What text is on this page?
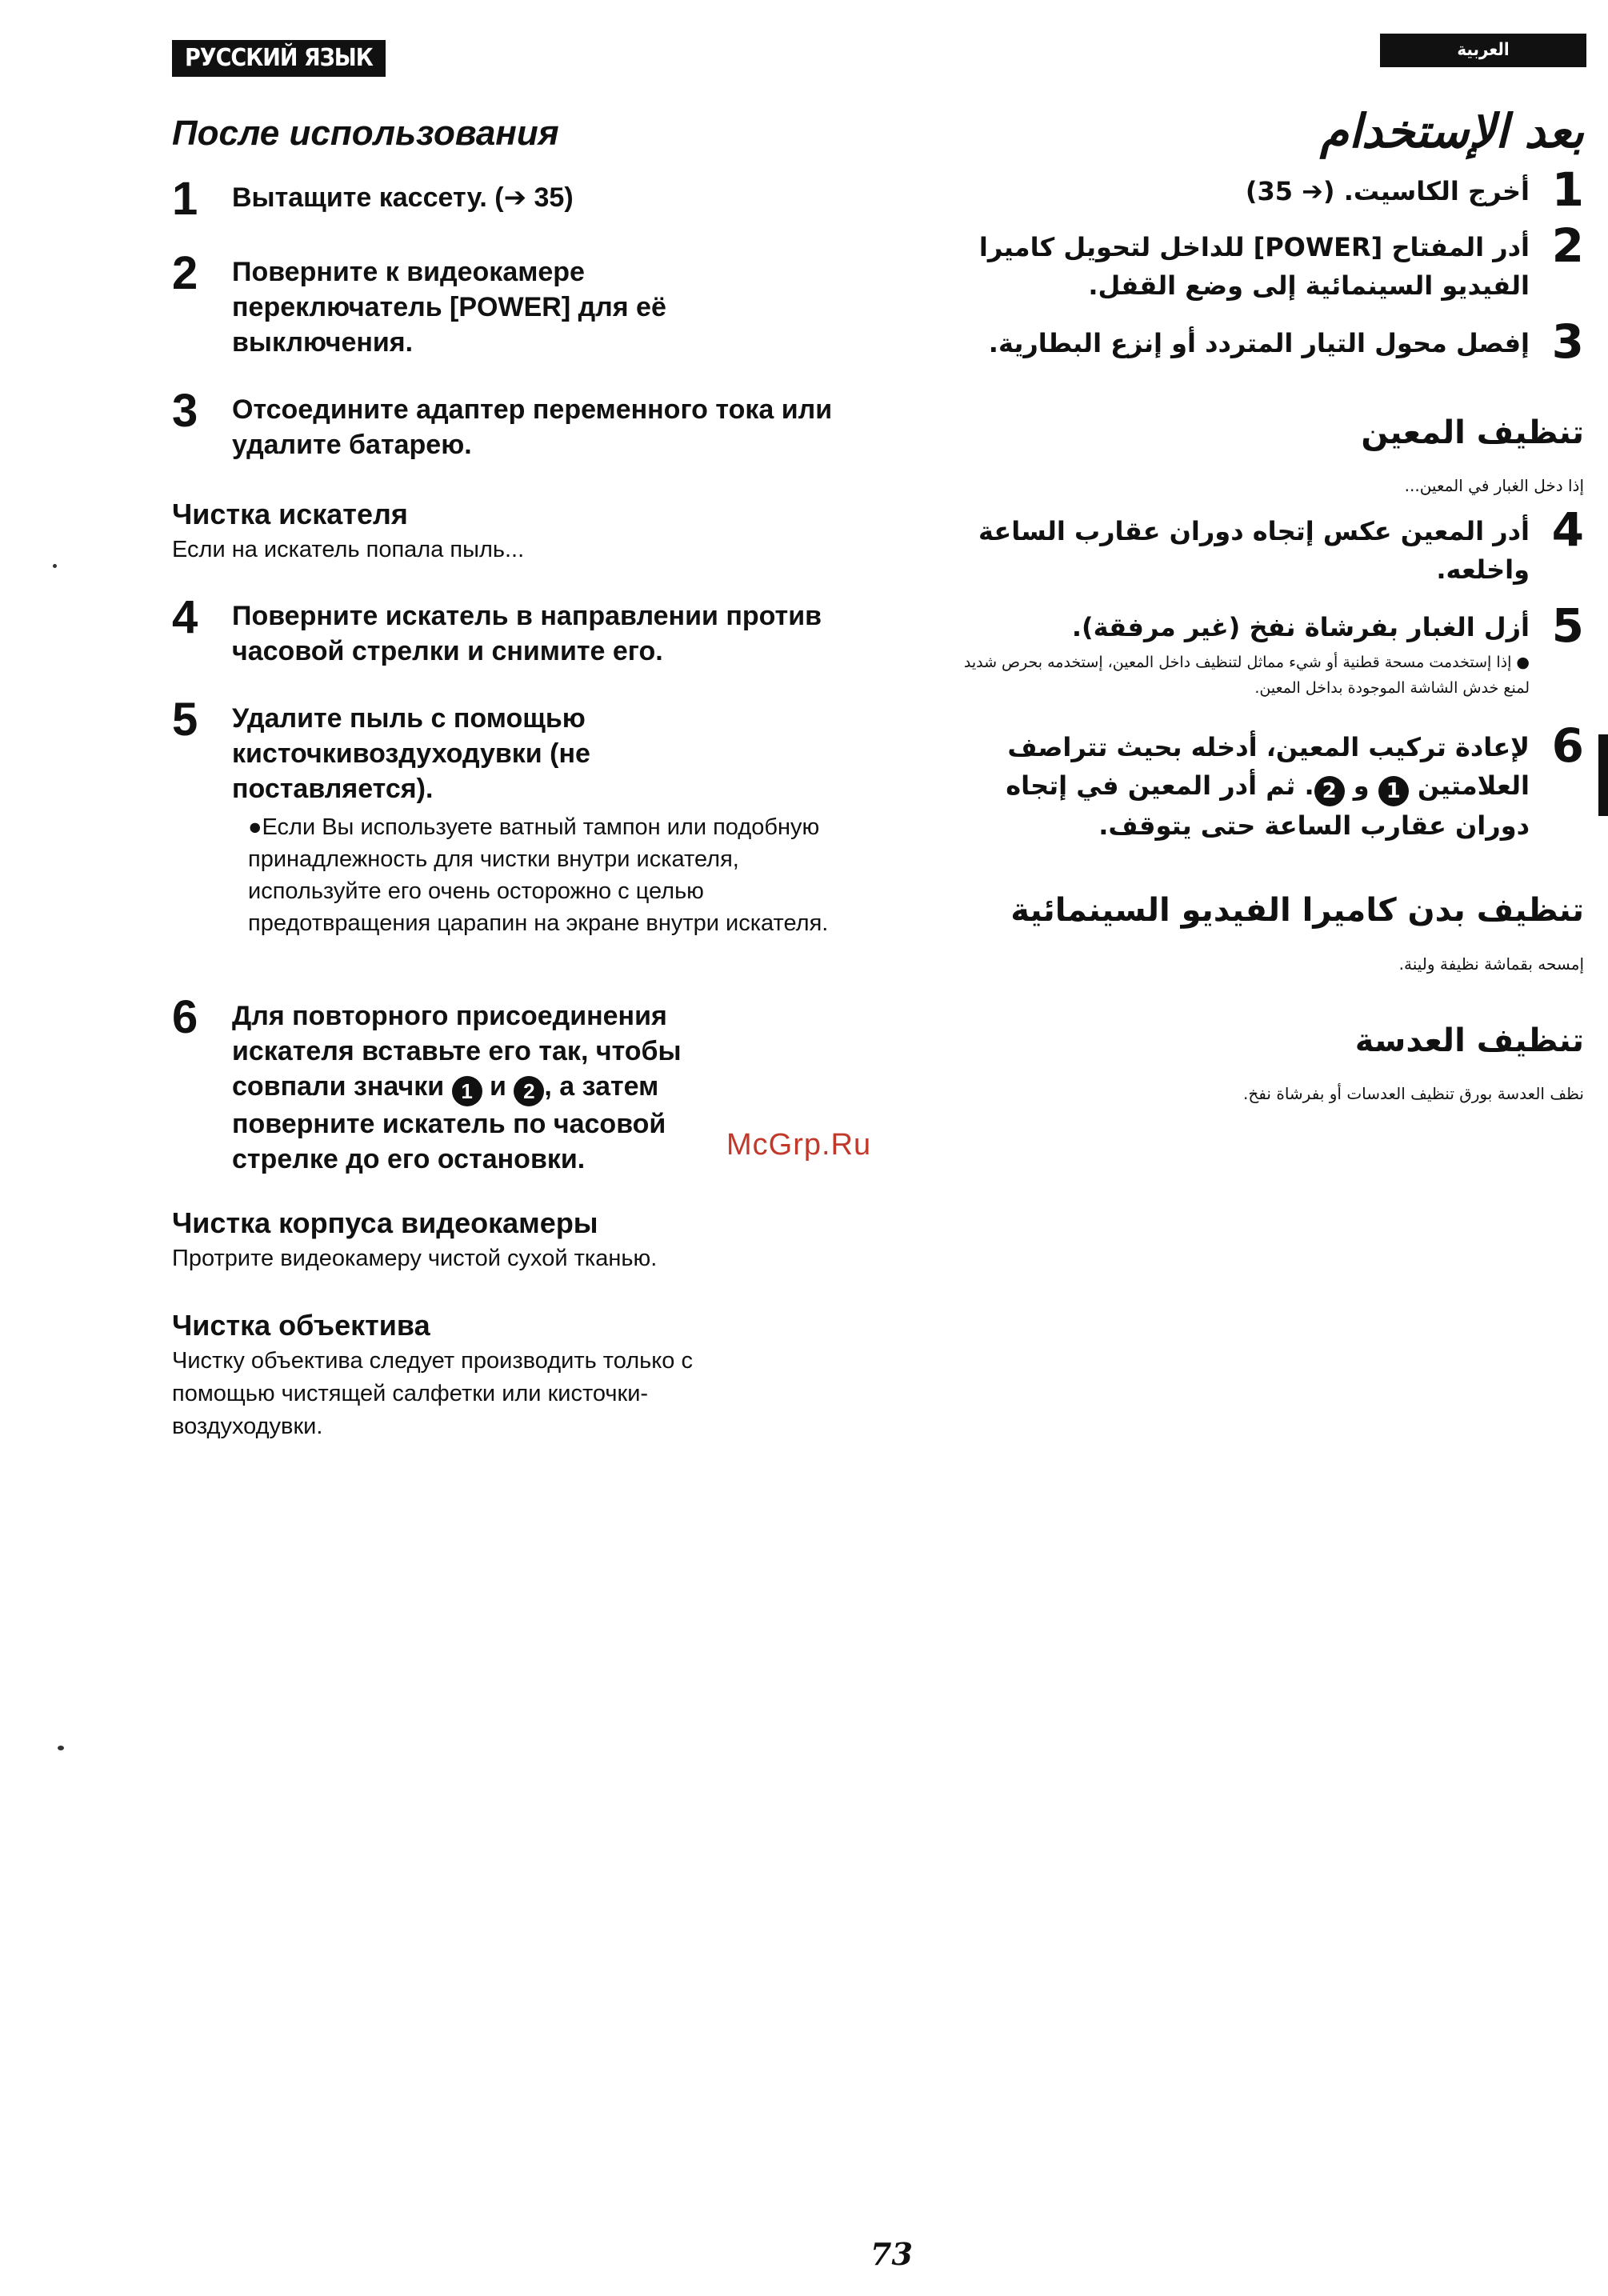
РУССКИЙ ЯЗЫК	العربية
После использования
1 Вытащите кассету. (➔ 35)
2 Поверните к видеокамере переключатель [POWER] для её выключения.
3 Отсоедините адаптер переменного тока или удалите батарею.
Чистка искателя
Если на искатель попала пыль...
4 Поверните искатель в направлении против часовой стрелки и снимите его.
5 Удалите пыль с помощью кисточкивоздуходувки (не поставляется).
●Если Вы используете ватный тампон или подобную принадлежность для чистки внутри искателя, используйте его очень осторожно с целью предотвращения царапин на экране внутри искателя.
6 Для повторного присоединения искателя вставьте его так, чтобы совпали значки 1 и 2 , а затем поверните искатель по часовой стрелке до его остановки.	McGrp.Ru
Чистка корпуса видеокамеры
Протрите видеокамеру чистой сухой тканью.
Чистка объектива
Чистку объектива следует производить только с помощью чистящей салфетки или кисточки-воздуходувки.
بعد الإستخدام
1
أخرج الكاسيت. (➔ 35)
2
أدر المفتاح [POWER] للداخل لتحويل كاميرا الفيديو السينمائية إلى وضع القفل.
3
إفصل محول التيار المتردد أو إنزع البطارية.
تنظيف المعين
إذا دخل الغبار في المعين...
4
أدر المعين عكس إتجاه دوران عقارب الساعة واخلعه.
5
أزل الغبار بفرشاة نفخ (غير مرفقة).
● إذا إستخدمت مسحة قطنية أو شيء مماثل لتنظيف داخل المعين، إستخدمه بحرص شديد لمنع خدش الشاشة الموجودة بداخل المعين.
6
لإعادة تركيب المعين، أدخله بحيث تتراصف العلامتين 1 و 2. ثم أدر المعين في إتجاه دوران عقارب الساعة حتى يتوقف.
تنظيف بدن كاميرا الفيديو السينمائية
إمسحه بقماشة نظيفة ولينة.
تنظيف العدسة
نظف العدسة بورق تنظيف العدسات أو بفرشاة نفخ.
73
